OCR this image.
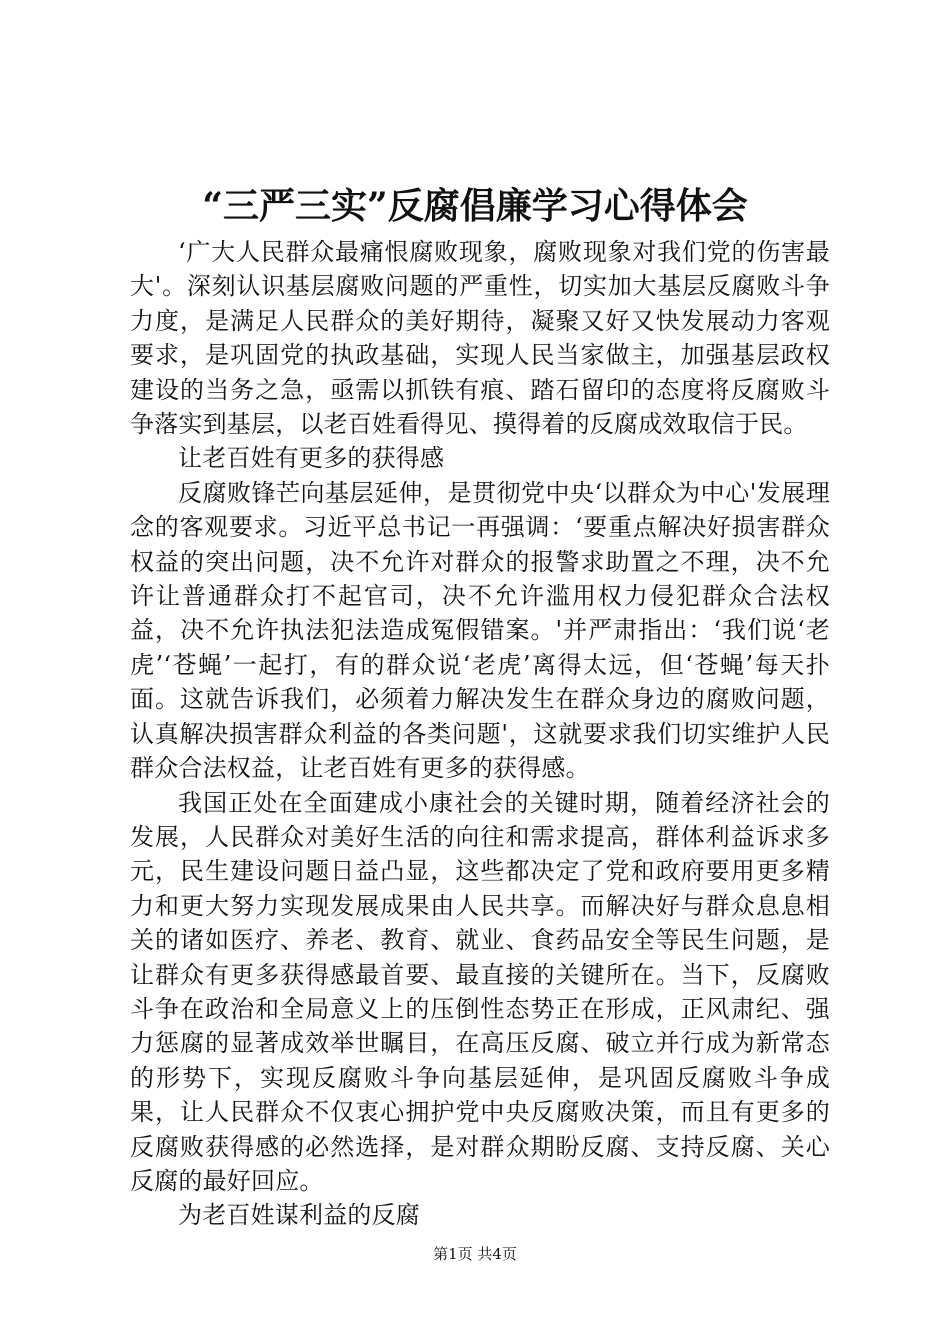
“三严三实”反腐倡廉学习心得体会

‘广大人民群众最痛恨腐败现象，腐败现象对我们党的伤害最大'。深刻认识基层腐败问题的严重性，切实加大基层反腐败斗争力度，是满足人民群众的美好期待，凝聚又好又快发展动力客观要求，是巩固党的执政基础，实现人民当家做主，加强基层政权建设的当务之急，亟需以抓铁有痕、踏石留印的态度将反腐败斗争落实到基层，以老百姓看得见、摸得着的反腐成效取信于民。

让老百姓有更多的获得感

反腐败锋芒向基层延伸，是贯彻党中央‘以群众为中心'发展理念的客观要求。习近平总书记一再强调：‘要重点解决好损害群众权益的突出问题，决不允许对群众的报警求助置之不理，决不允许让普通群众打不起官司，决不允许滥用权力侵犯群众合法权益，决不允许执法犯法造成冤假错案。'并严肃指出：‘我们说‘老虎’‘苍蝇’一起打，有的群众说‘老虎’离得太远，但‘苍蝇’每天扑面。这就告诉我们，必须着力解决发生在群众身边的腐败问题，认真解决损害群众利益的各类问题'，这就要求我们切实维护人民群众合法权益，让老百姓有更多的获得感。

我国正处在全面建成小康社会的关键时期，随着经济社会的发展，人民群众对美好生活的向往和需求提高，群体利益诉求多元，民生建设问题日益凸显，这些都决定了党和政府要用更多精力和更大努力实现发展成果由人民共享。而解决好与群众息息相关的诸如医疗、养老、教育、就业、食药品安全等民生问题，是让群众有更多获得感最首要、最直接的关键所在。当下，反腐败斗争在政治和全局意义上的压倒性态势正在形成，正风肃纪、强力惩腐的显著成效举世瞩目，在高压反腐、破立并行成为新常态的形势下，实现反腐败斗争向基层延伸，是巩固反腐败斗争成果，让人民群众不仅衷心拥护党中央反腐败决策，而且有更多的反腐败获得感的必然选择，是对群众期盼反腐、支持反腐、关心反腐的最好回应。

为老百姓谋利益的反腐

第1页 共4页
